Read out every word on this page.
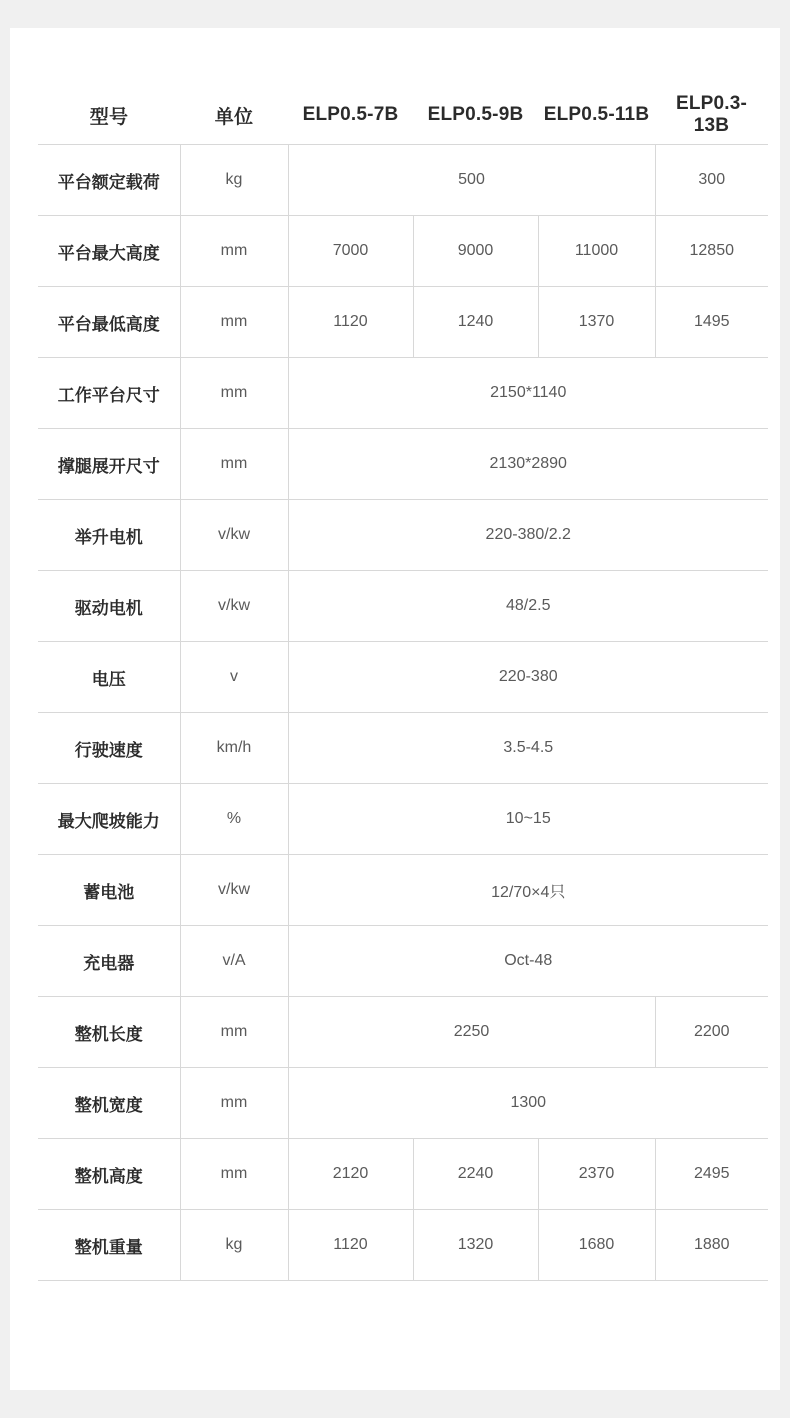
型号	单位	ELP0.5-7B	ELP0.5-9B	ELP0.5-11B	ELP0.3-13B
平台额定载荷	kg	500			300
平台最大高度	mm	7000	9000	11000	12850
平台最低高度	mm	1120	1240	1370	1495
工作平台尺寸	mm	2150*1140			
撑腿展开尺寸	mm	2130*2890			
举升电机	v/kw	220-380/2.2			
驱动电机	v/kw	48/2.5			
电压	v	220-380			
行驶速度	km/h	3.5-4.5			
最大爬坡能力	%	10~15			
蓄电池	v/kw	12/70×4只			
充电器	v/A	Oct-48			
整机长度	mm	2250			2200
整机宽度	mm	1300			
整机高度	mm	2120	2240	2370	2495
整机重量	kg	1120	1320	1680	1880
